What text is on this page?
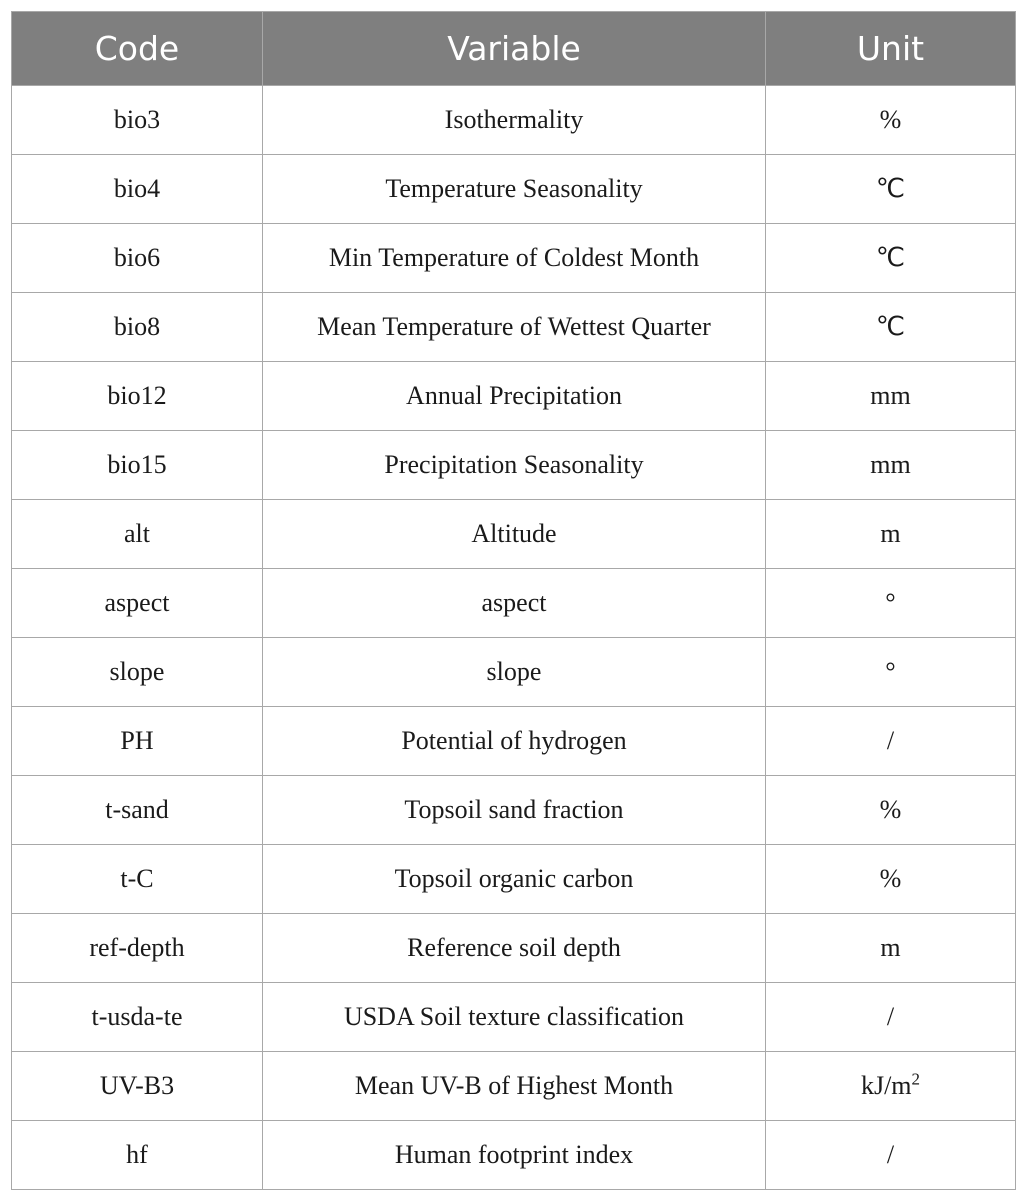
Code	Variable	Unit
bio3	Isothermality	%
bio4	Temperature Seasonality	℃
bio6	Min Temperature of Coldest Month	℃
bio8	Mean Temperature of Wettest Quarter	℃
bio12	Annual Precipitation	mm
bio15	Precipitation Seasonality	mm
alt	Altitude	m
aspect	aspect	°
slope	slope	°
PH	Potential of hydrogen	/
t-sand	Topsoil sand fraction	%
t-C	Topsoil organic carbon	%
ref-depth	Reference soil depth	m
t-usda-te	USDA Soil texture classification	/
UV-B3	Mean UV-B of Highest Month	$kJ/m^2$
hf	Human footprint index	/
